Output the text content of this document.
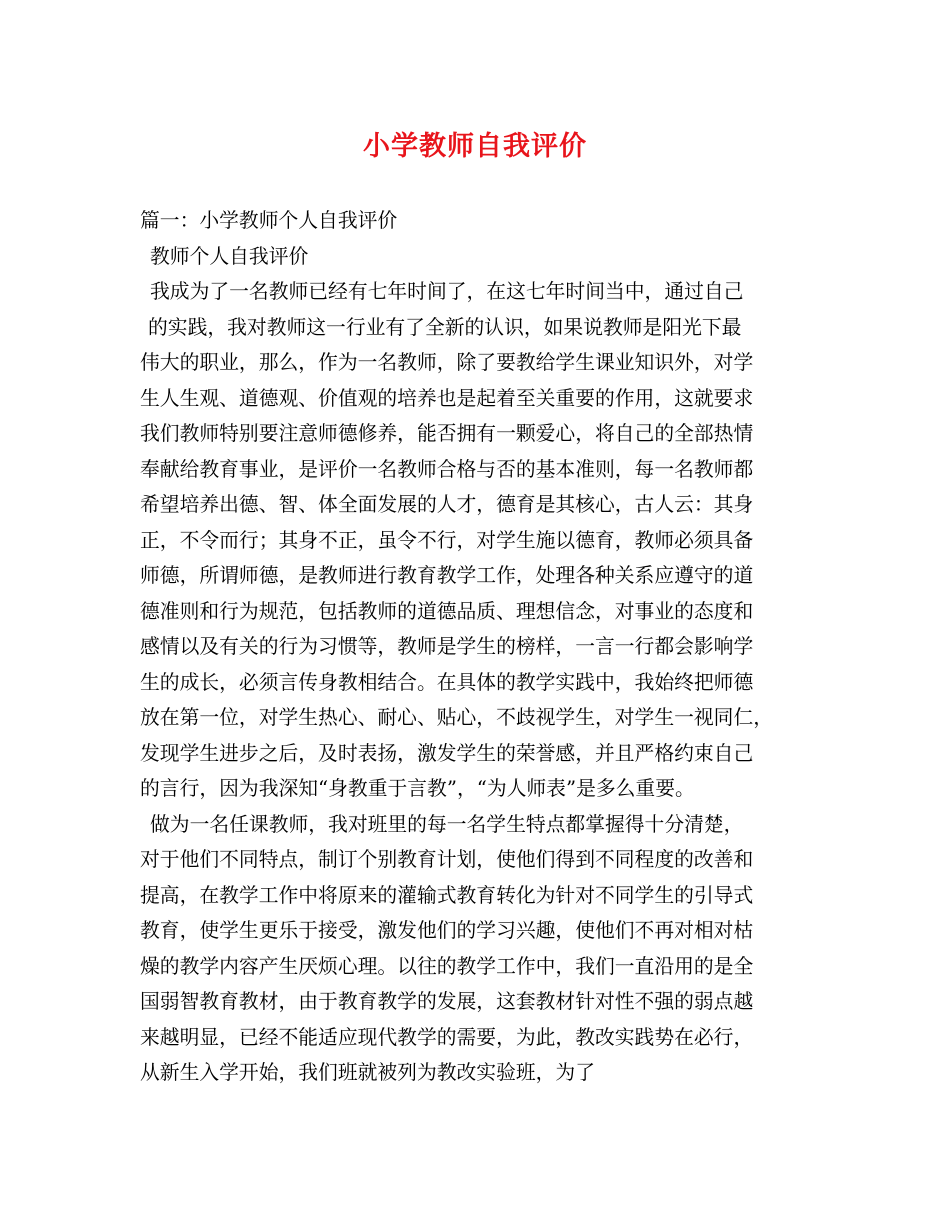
小学教师自我评价
篇一：小学教师个人自我评价
教师个人自我评价
我成为了一名教师已经有七年时间了，在这七年时间当中，通过自己
的实践，我对教师这一行业有了全新的认识，如果说教师是阳光下最
伟大的职业，那么，作为一名教师，除了要教给学生课业知识外，对学
生人生观、道德观、价值观的培养也是起着至关重要的作用，这就要求
我们教师特别要注意师德修养，能否拥有一颗爱心，将自己的全部热情
奉献给教育事业，是评价一名教师合格与否的基本准则，每一名教师都
希望培养出德、智、体全面发展的人才，德育是其核心，古人云：其身
正，不令而行；其身不正，虽令不行，对学生施以德育，教师必须具备
师德，所谓师德，是教师进行教育教学工作，处理各种关系应遵守的道
德准则和行为规范，包括教师的道德品质、理想信念，对事业的态度和
感情以及有关的行为习惯等，教师是学生的榜样，一言一行都会影响学
生的成长，必须言传身教相结合。在具体的教学实践中，我始终把师德
放在第一位，对学生热心、耐心、贴心，不歧视学生，对学生一视同仁，
发现学生进步之后，及时表扬，激发学生的荣誉感，并且严格约束自己
的言行，因为我深知“身教重于言教”，“为人师表”是多么重要。
做为一名任课教师，我对班里的每一名学生特点都掌握得十分清楚，
对于他们不同特点，制订个别教育计划，使他们得到不同程度的改善和
提高，在教学工作中将原来的灌输式教育转化为针对不同学生的引导式
教育，使学生更乐于接受，激发他们的学习兴趣，使他们不再对相对枯
燥的教学内容产生厌烦心理。以往的教学工作中，我们一直沿用的是全
国弱智教育教材，由于教育教学的发展，这套教材针对性不强的弱点越
来越明显，已经不能适应现代教学的需要，为此，教改实践势在必行，
从新生入学开始，我们班就被列为教改实验班，为了
